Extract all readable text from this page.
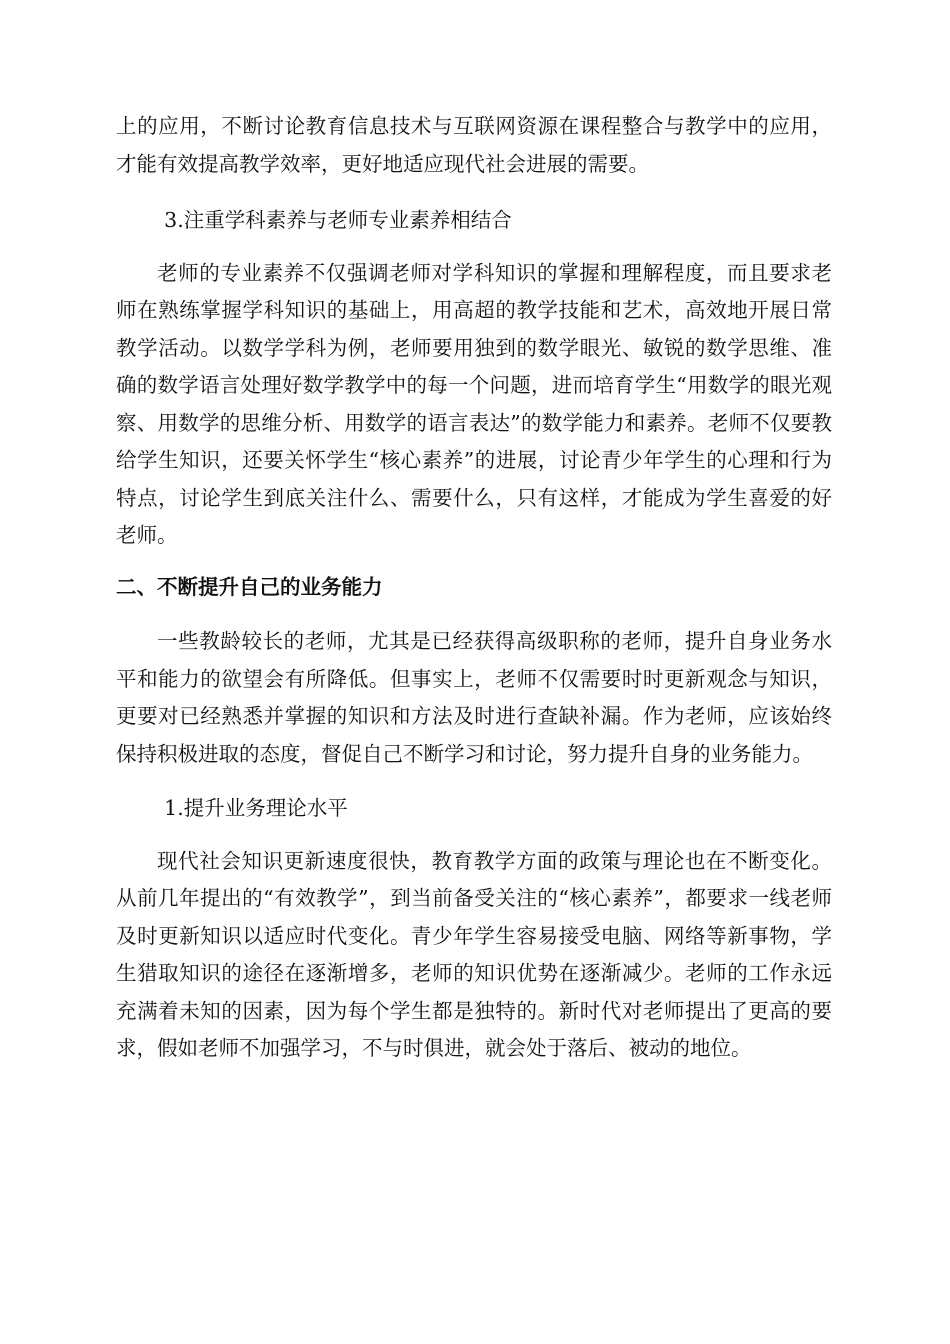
上的应用，不断讨论教育信息技术与互联网资源在课程整合与教学中的应用，才能有效提高教学效率，更好地适应现代社会进展的需要。

3.注重学科素养与老师专业素养相结合

老师的专业素养不仅强调老师对学科知识的掌握和理解程度，而且要求老师在熟练掌握学科知识的基础上，用高超的教学技能和艺术，高效地开展日常教学活动。以数学学科为例，老师要用独到的数学眼光、敏锐的数学思维、准确的数学语言处理好数学教学中的每一个问题，进而培育学生“用数学的眼光观察、用数学的思维分析、用数学的语言表达”的数学能力和素养。老师不仅要教给学生知识，还要关怀学生“核心素养”的进展，讨论青少年学生的心理和行为特点，讨论学生到底关注什么、需要什么，只有这样，才能成为学生喜爱的好老师。

二、不断提升自己的业务能力

一些教龄较长的老师，尤其是已经获得高级职称的老师，提升自身业务水平和能力的欲望会有所降低。但事实上，老师不仅需要时时更新观念与知识，更要对已经熟悉并掌握的知识和方法及时进行查缺补漏。作为老师，应该始终保持积极进取的态度，督促自己不断学习和讨论，努力提升自身的业务能力。

1.提升业务理论水平

现代社会知识更新速度很快，教育教学方面的政策与理论也在不断变化。从前几年提出的“有效教学”，到当前备受关注的“核心素养”，都要求一线老师及时更新知识以适应时代变化。青少年学生容易接受电脑、网络等新事物，学生猎取知识的途径在逐渐增多，老师的知识优势在逐渐减少。老师的工作永远充满着未知的因素，因为每个学生都是独特的。新时代对老师提出了更高的要求，假如老师不加强学习，不与时俱进，就会处于落后、被动的地位。
